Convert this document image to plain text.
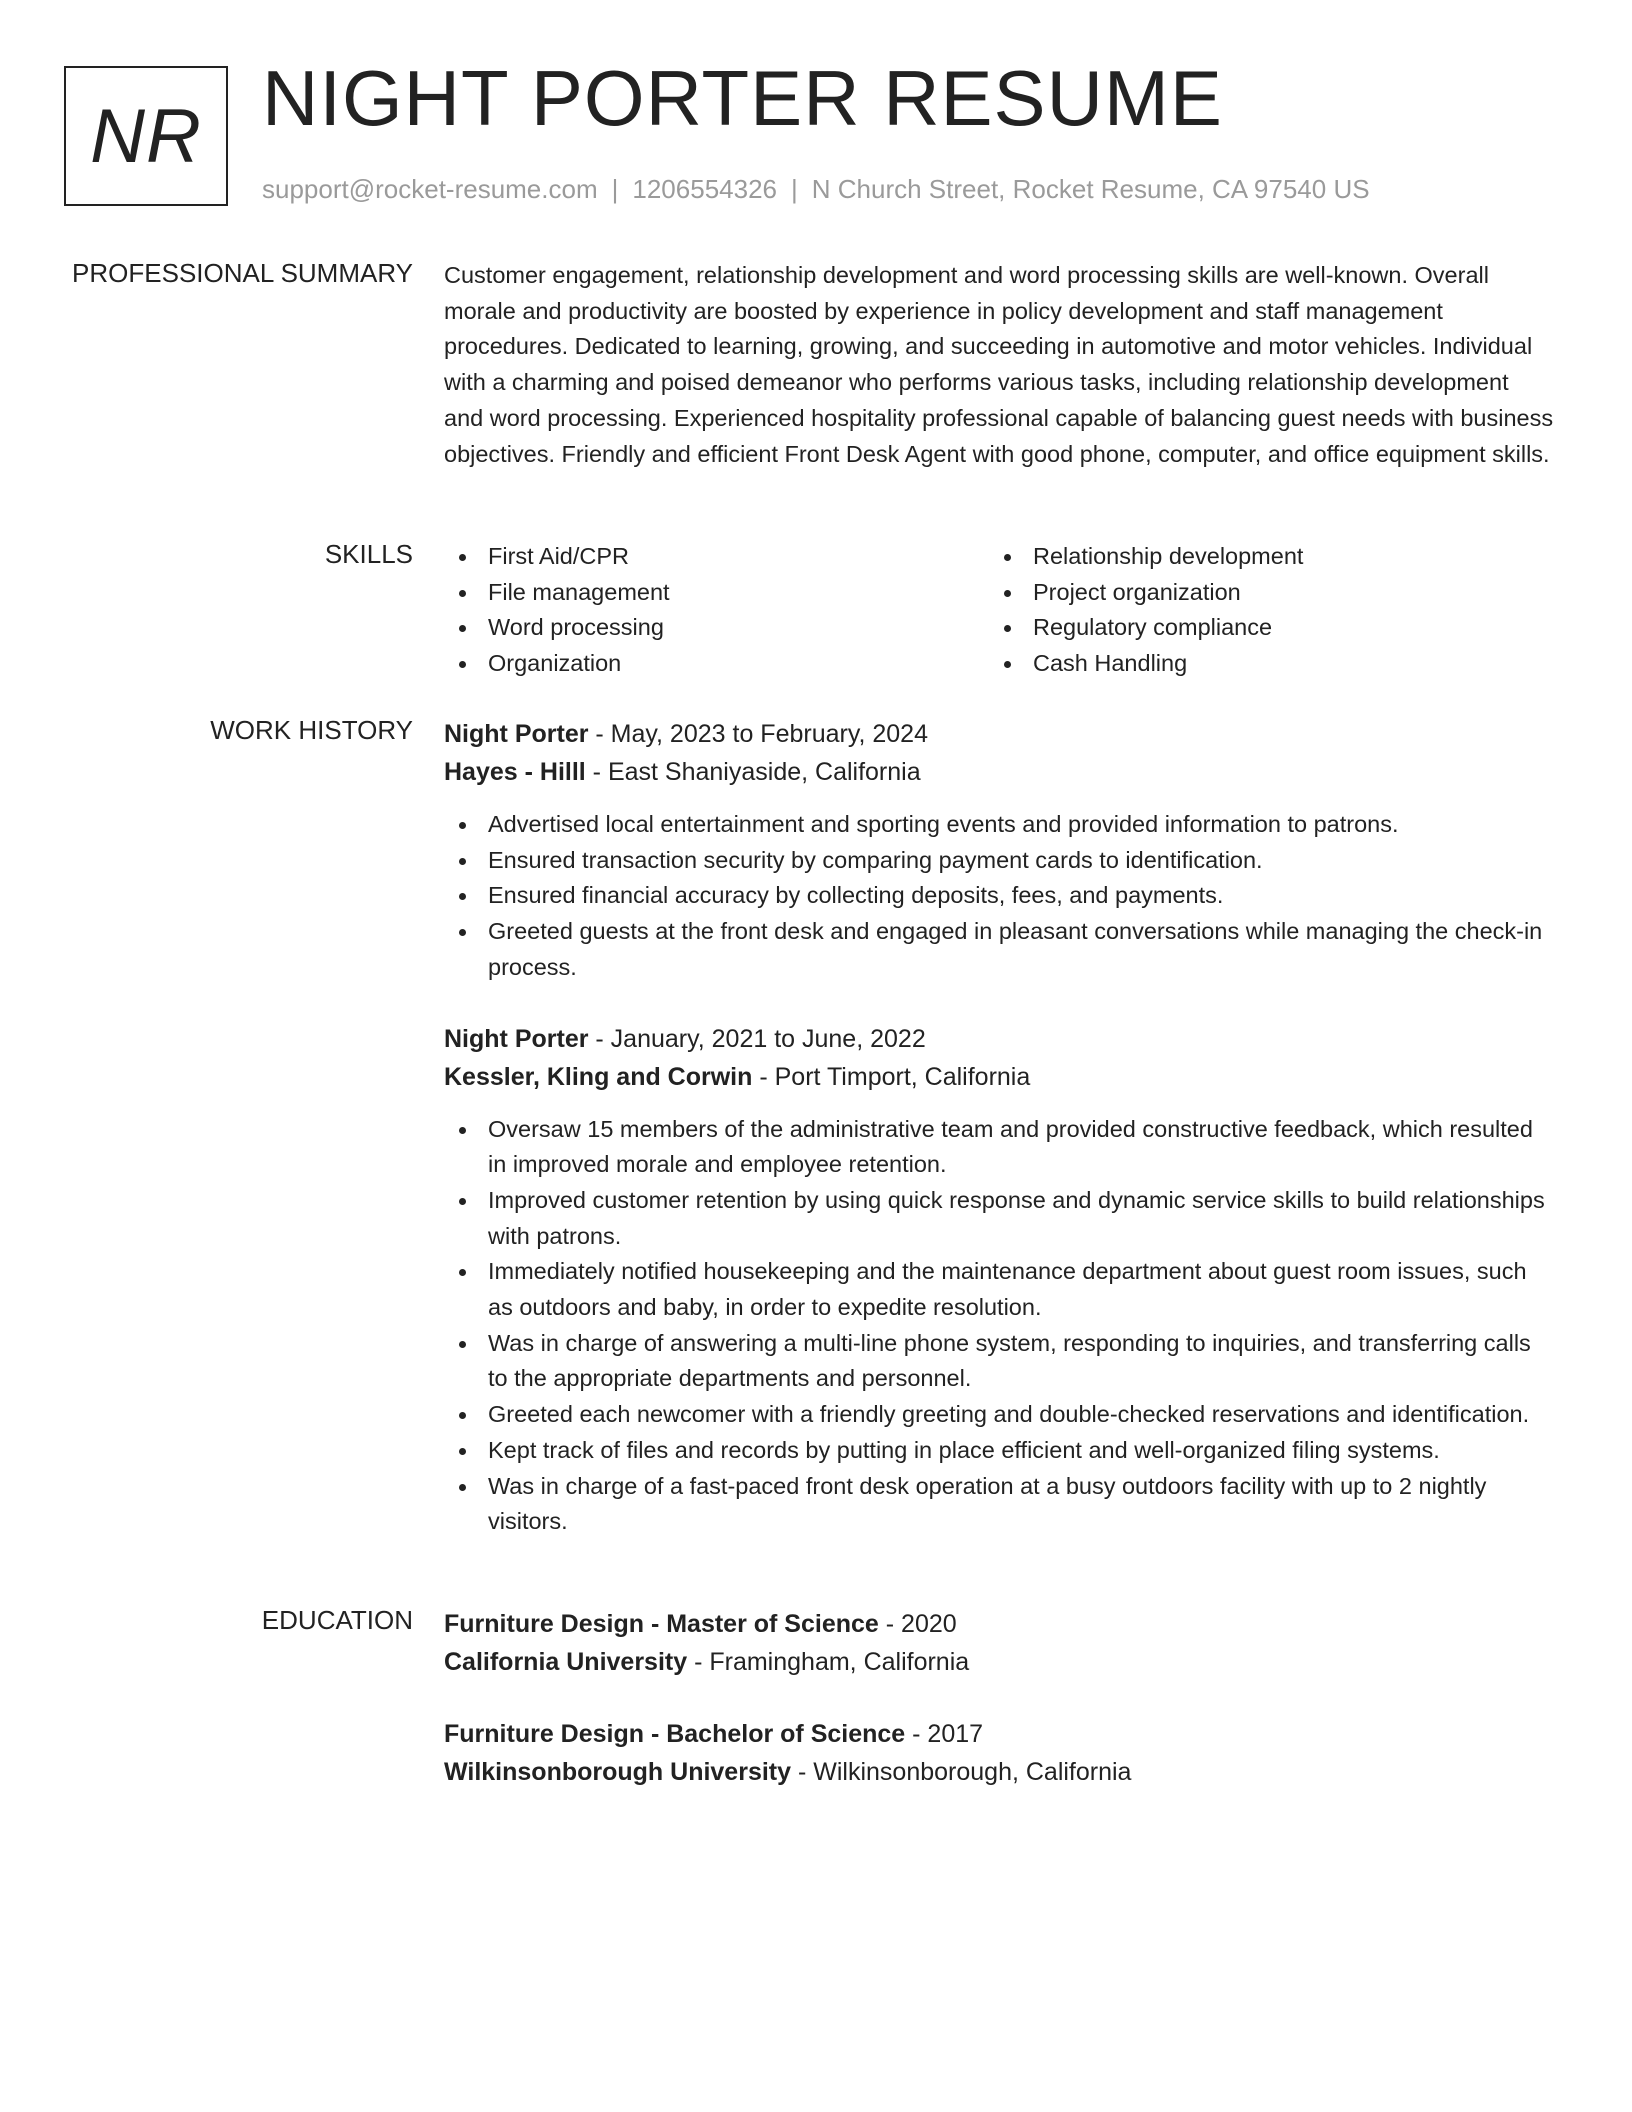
NR NIGHT PORTER RESUME
support@rocket-resume.com | 1206554326 | N Church Street, Rocket Resume, CA 97540 US
PROFESSIONAL SUMMARY Customer engagement, relationship development and word processing skills are well-known. Overall morale and productivity are boosted by experience in policy development and staff management procedures. Dedicated to learning, growing, and succeeding in automotive and motor vehicles. Individual with a charming and poised demeanor who performs various tasks, including relationship development and word processing. Experienced hospitality professional capable of balancing guest needs with business objectives. Friendly and efficient Front Desk Agent with good phone, computer, and office equipment skills.

SKILLS	First Aid/CPR
File management
Word processing
Organization
Relationship development
Project organization
Regulatory compliance
Cash Handling
WORK HISTORY Night Porter - May, 2023 to February, 2024
Hayes - Hilll - East Shaniyaside, California
Advertised local entertainment and sporting events and provided information to patrons.
Ensured transaction security by comparing payment cards to identification.
Ensured financial accuracy by collecting deposits, fees, and payments.
Greeted guests at the front desk and engaged in pleasant conversations while managing the check-in process.
Night Porter - January, 2021 to June, 2022
Kessler, Kling and Corwin - Port Timport, California
Oversaw 15 members of the administrative team and provided constructive feedback, which resulted in improved morale and employee retention.
Improved customer retention by using quick response and dynamic service skills to build relationships with patrons.
Immediately notified housekeeping and the maintenance department about guest room issues, such as outdoors and baby, in order to expedite resolution.
Was in charge of answering a multi-line phone system, responding to inquiries, and transferring calls to the appropriate departments and personnel.
Greeted each newcomer with a friendly greeting and double-checked reservations and identification.
Kept track of files and records by putting in place efficient and well-organized filing systems.
Was in charge of a fast-paced front desk operation at a busy outdoors facility with up to 2 nightly visitors.
EDUCATION Furniture Design - Master of Science - 2020
California University - Framingham, California
Furniture Design - Bachelor of Science - 2017
Wilkinsonborough University - Wilkinsonborough, California
